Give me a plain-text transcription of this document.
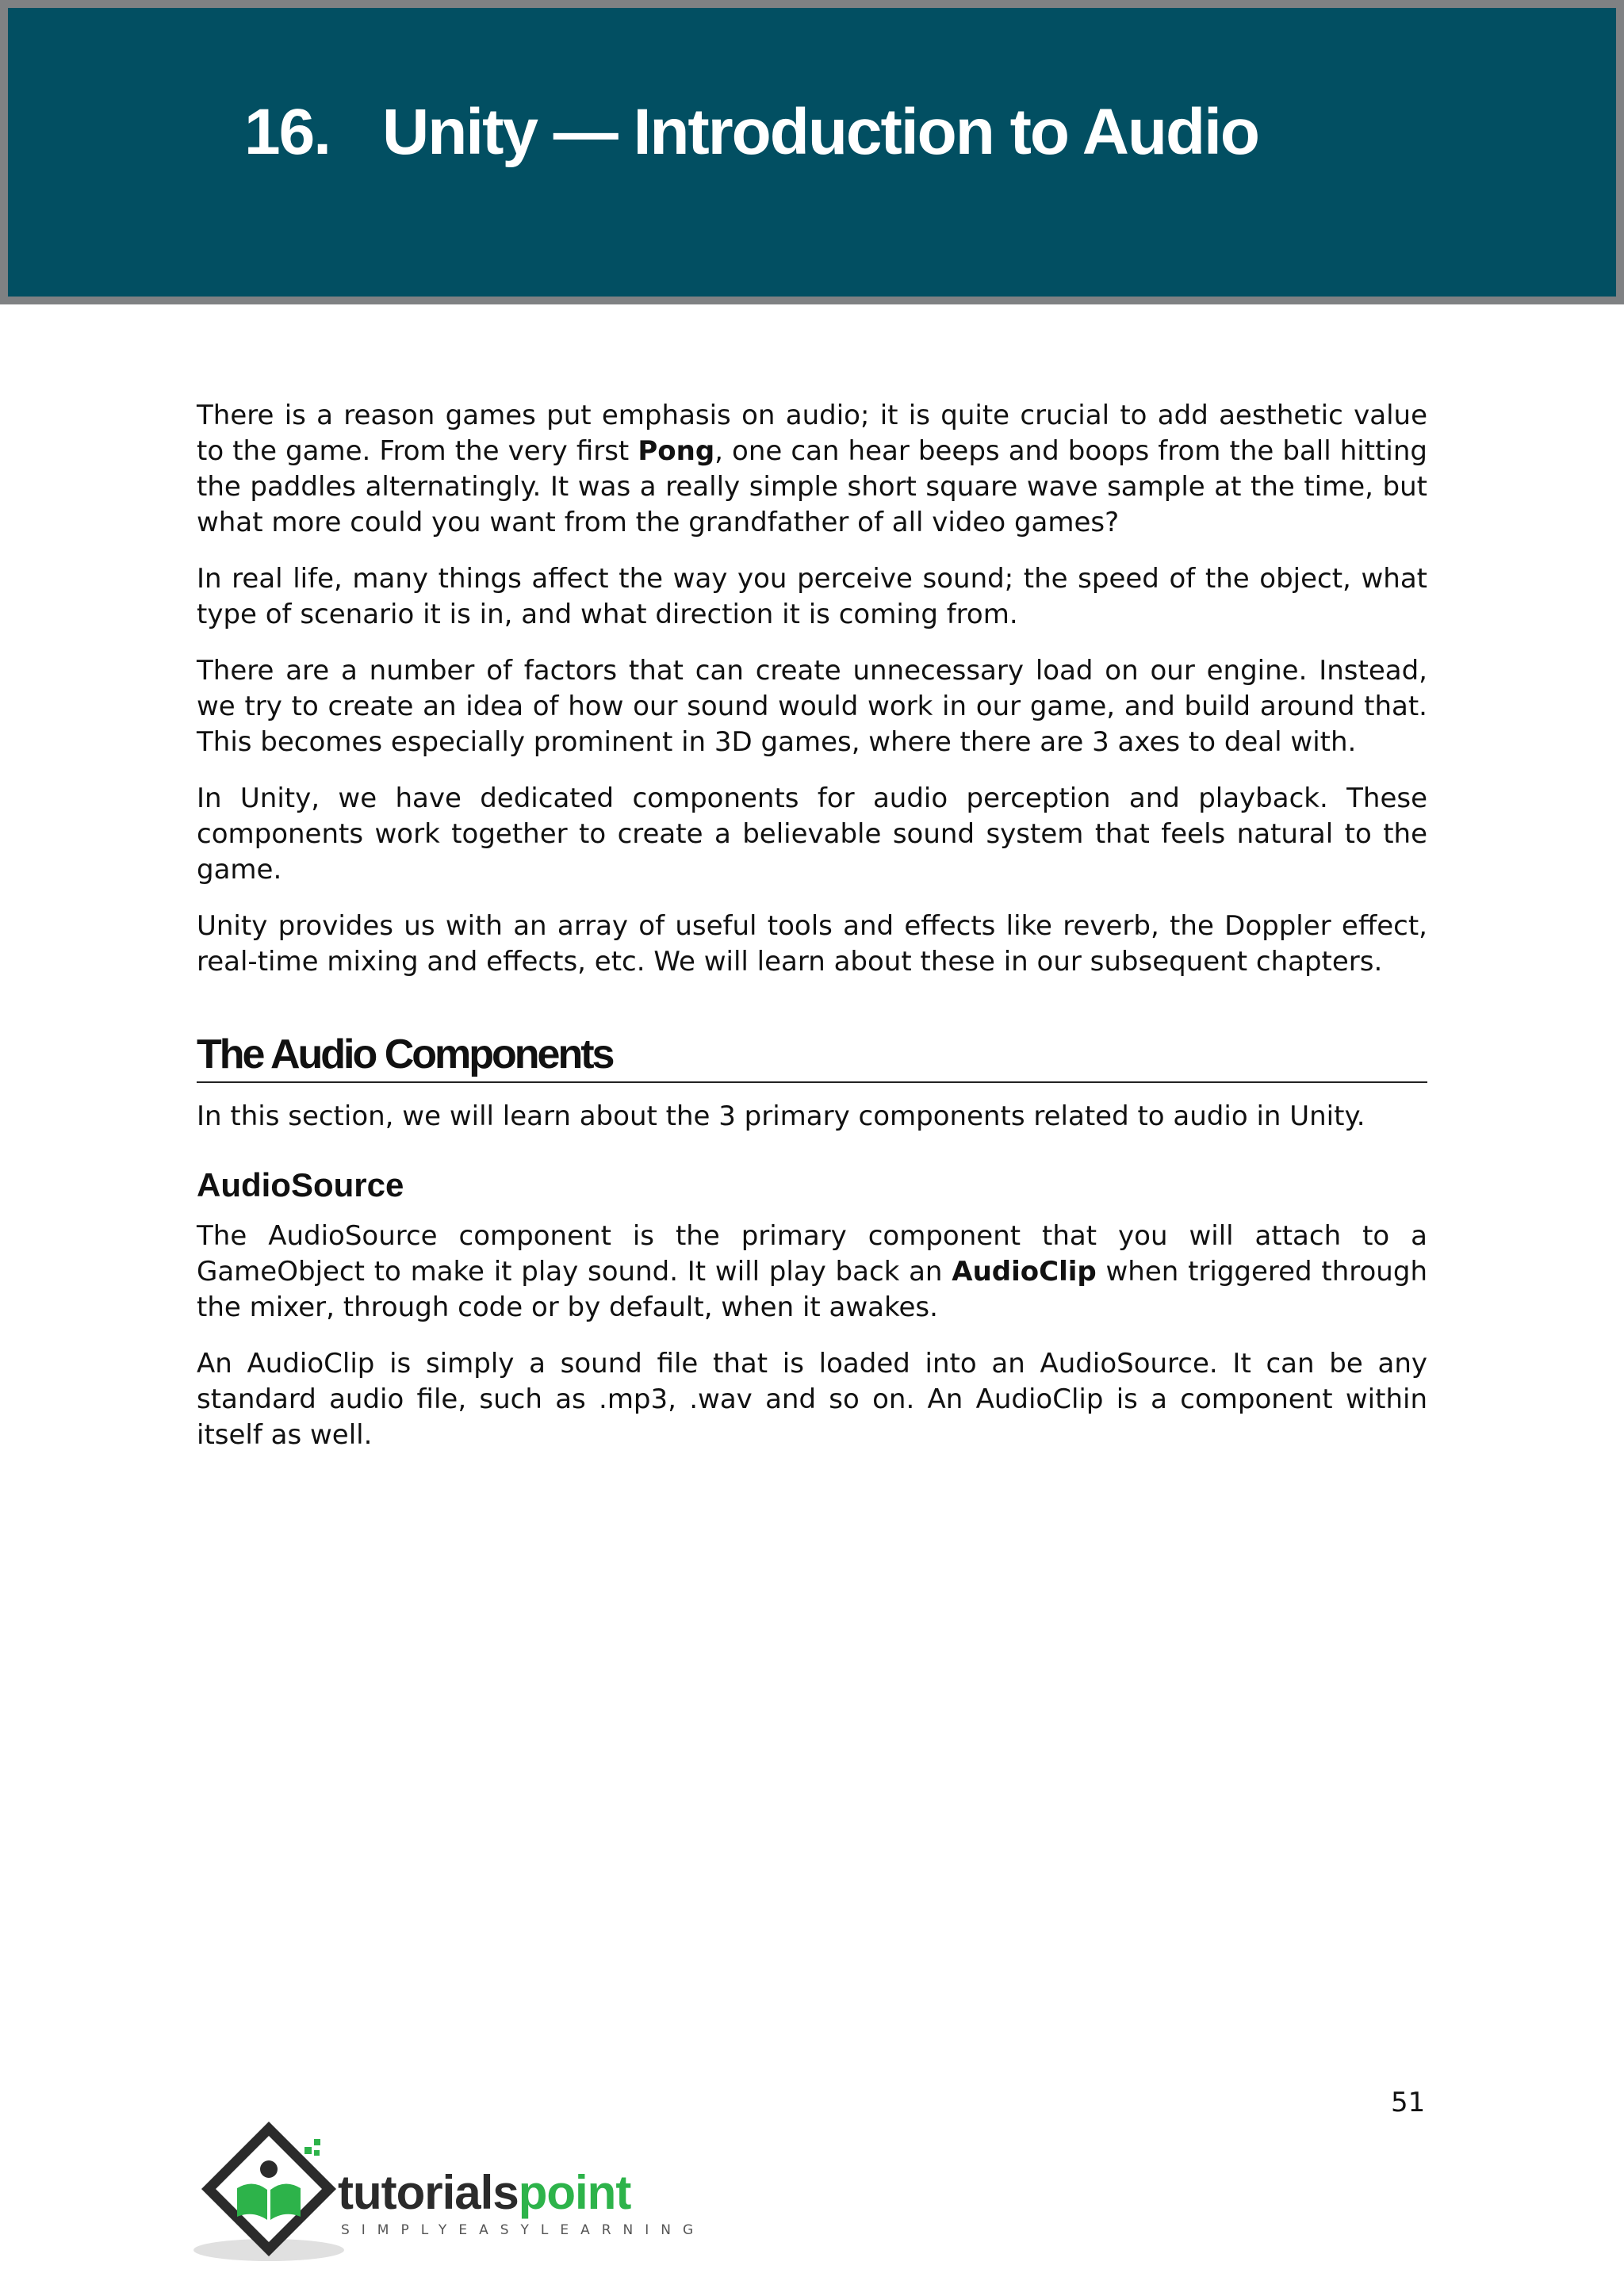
16. Unity — Introduction to Audio

There is a reason games put emphasis on audio; it is quite crucial to add aesthetic value to the game. From the very first Pong, one can hear beeps and boops from the ball hitting the paddles alternatingly. It was a really simple short square wave sample at the time, but what more could you want from the grandfather of all video games?

In real life, many things affect the way you perceive sound; the speed of the object, what type of scenario it is in, and what direction it is coming from.

There are a number of factors that can create unnecessary load on our engine. Instead, we try to create an idea of how our sound would work in our game, and build around that. This becomes especially prominent in 3D games, where there are 3 axes to deal with.

In Unity, we have dedicated components for audio perception and playback. These components work together to create a believable sound system that feels natural to the game.

Unity provides us with an array of useful tools and effects like reverb, the Doppler effect, real-time mixing and effects, etc. We will learn about these in our subsequent chapters.

The Audio Components

In this section, we will learn about the 3 primary components related to audio in Unity.

AudioSource

The AudioSource component is the primary component that you will attach to a GameObject to make it play sound. It will play back an AudioClip when triggered through the mixer, through code or by default, when it awakes.

An AudioClip is simply a sound file that is loaded into an AudioSource. It can be any standard audio file, such as .mp3, .wav and so on. An AudioClip is a component within itself as well.

51
tutorialspoint
SIMPLYEASYLEARNING
